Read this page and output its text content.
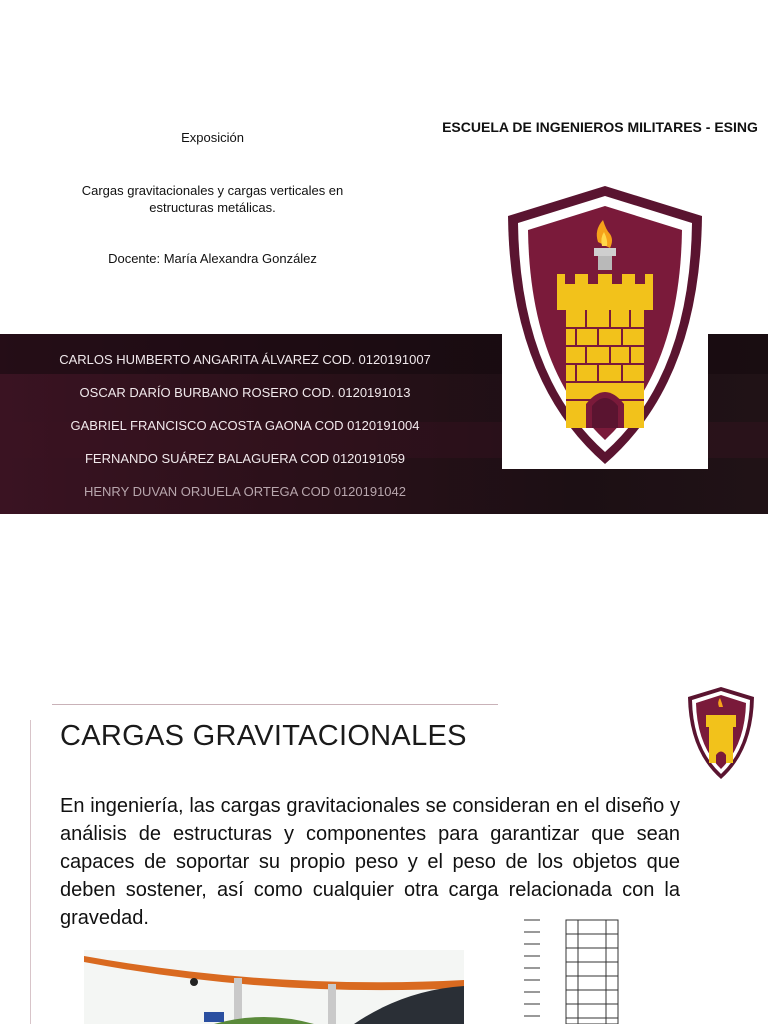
Exposición
Cargas gravitacionales y cargas verticales en estructuras metálicas.
Docente: María Alexandra González
ESCUELA DE INGENIEROS MILITARES - ESING
CARLOS HUMBERTO ANGARITA ÁLVAREZ COD. 0120191007
OSCAR DARÍO BURBANO ROSERO COD. 0120191013
GABRIEL FRANCISCO ACOSTA GAONA COD 0120191004
FERNANDO SUÁREZ BALAGUERA COD 0120191059
HENRY DUVAN ORJUELA ORTEGA COD 0120191042
CARGAS GRAVITACIONALES
En ingeniería, las cargas gravitacionales se consideran en el diseño y análisis de estructuras y componentes para garantizar que sean capaces de soportar su propio peso y el peso de los objetos que deben sostener, así como cualquier otra carga relacionada con la gravedad.
